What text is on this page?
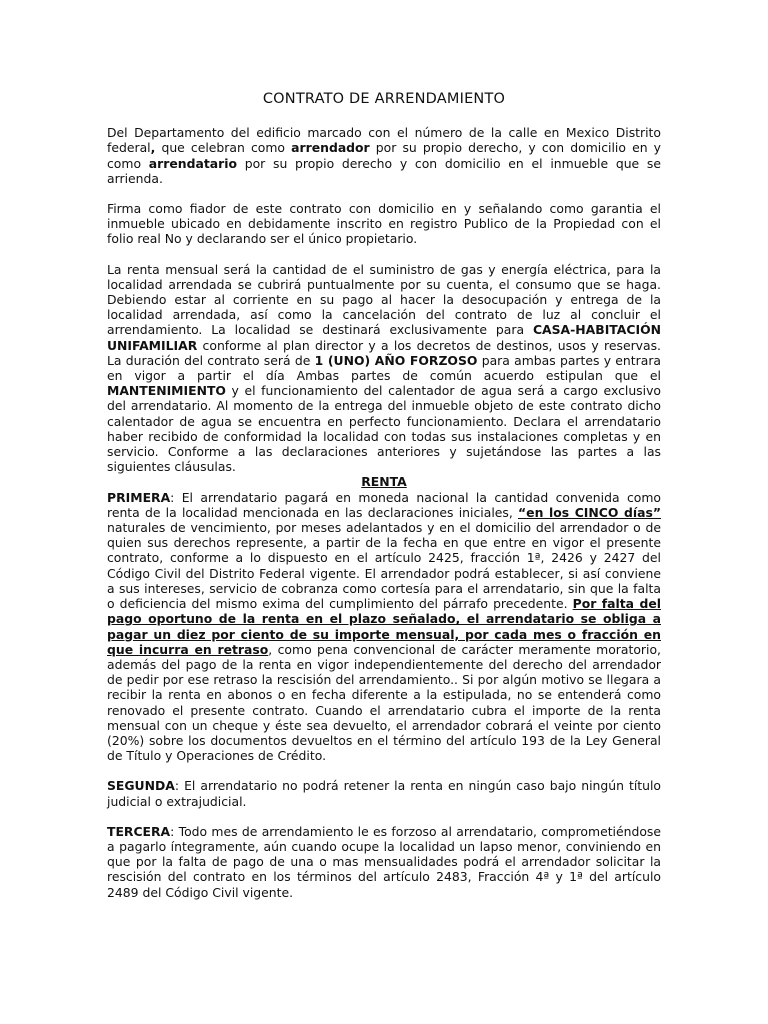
CONTRATO DE ARRENDAMIENTO

Del Departamento del edificio marcado con el número de la calle en Mexico Distrito federal, que celebran como arrendador por su propio derecho, y con domicilio en y como arrendatario por su propio derecho y con domicilio en el inmueble que se arrienda.

Firma como fiador de este contrato con domicilio en y señalando como garantia el inmueble ubicado en debidamente inscrito en registro Publico de la Propiedad con el folio real No y declarando ser el único propietario.

La renta mensual será la cantidad de el suministro de gas y energía eléctrica, para la localidad arrendada se cubrirá puntualmente por su cuenta, el consumo que se haga. Debiendo estar al corriente en su pago al hacer la desocupación y entrega de la localidad arrendada, así como la cancelación del contrato de luz al concluir el arrendamiento. La localidad se destinará exclusivamente para CASA-HABITACIÓN UNIFAMILIAR conforme al plan director y a los decretos de destinos, usos y reservas. La duración del contrato será de 1 (UNO) AÑO FORZOSO para ambas partes y entrara en vigor a partir el día Ambas partes de común acuerdo estipulan que el MANTENIMIENTO y el funcionamiento del calentador de agua será a cargo exclusivo del arrendatario. Al momento de la entrega del inmueble objeto de este contrato dicho calentador de agua se encuentra en perfecto funcionamiento. Declara el arrendatario haber recibido de conformidad la localidad con todas sus instalaciones completas y en servicio. Conforme a las declaraciones anteriores y sujetándose las partes a las siguientes cláusulas.

RENTA

PRIMERA: El arrendatario pagará en moneda nacional la cantidad convenida como renta de la localidad mencionada en las declaraciones iniciales, “en los CINCO días” naturales de vencimiento, por meses adelantados y en el domicilio del arrendador o de quien sus derechos represente, a partir de la fecha en que entre en vigor el presente contrato, conforme a lo dispuesto en el artículo 2425, fracción 1ª, 2426 y 2427 del Código Civil del Distrito Federal vigente. El arrendador podrá establecer, si así conviene a sus intereses, servicio de cobranza como cortesía para el arrendatario, sin que la falta o deficiencia del mismo exima del cumplimiento del párrafo precedente. Por falta del pago oportuno de la renta en el plazo señalado, el arrendatario se obliga a pagar un diez por ciento de su importe mensual, por cada mes o fracción en que incurra en retraso, como pena convencional de carácter meramente moratorio, además del pago de la renta en vigor independientemente del derecho del arrendador de pedir por ese retraso la rescisión del arrendamiento.. Si por algún motivo se llegara a recibir la renta en abonos o en fecha diferente a la estipulada, no se entenderá como renovado el presente contrato. Cuando el arrendatario cubra el importe de la renta mensual con un cheque y éste sea devuelto, el arrendador cobrará el veinte por ciento (20%) sobre los documentos devueltos en el término del artículo 193 de la Ley General de Título y Operaciones de Crédito.

SEGUNDA: El arrendatario no podrá retener la renta en ningún caso bajo ningún título judicial o extrajudicial.

TERCERA: Todo mes de arrendamiento le es forzoso al arrendatario, comprometiéndose a pagarlo íntegramente, aún cuando ocupe la localidad un lapso menor, conviniendo en que por la falta de pago de una o mas mensualidades podrá el arrendador solicitar la rescisión del contrato en los términos del artículo 2483, Fracción 4ª y 1ª del artículo 2489 del Código Civil vigente.
